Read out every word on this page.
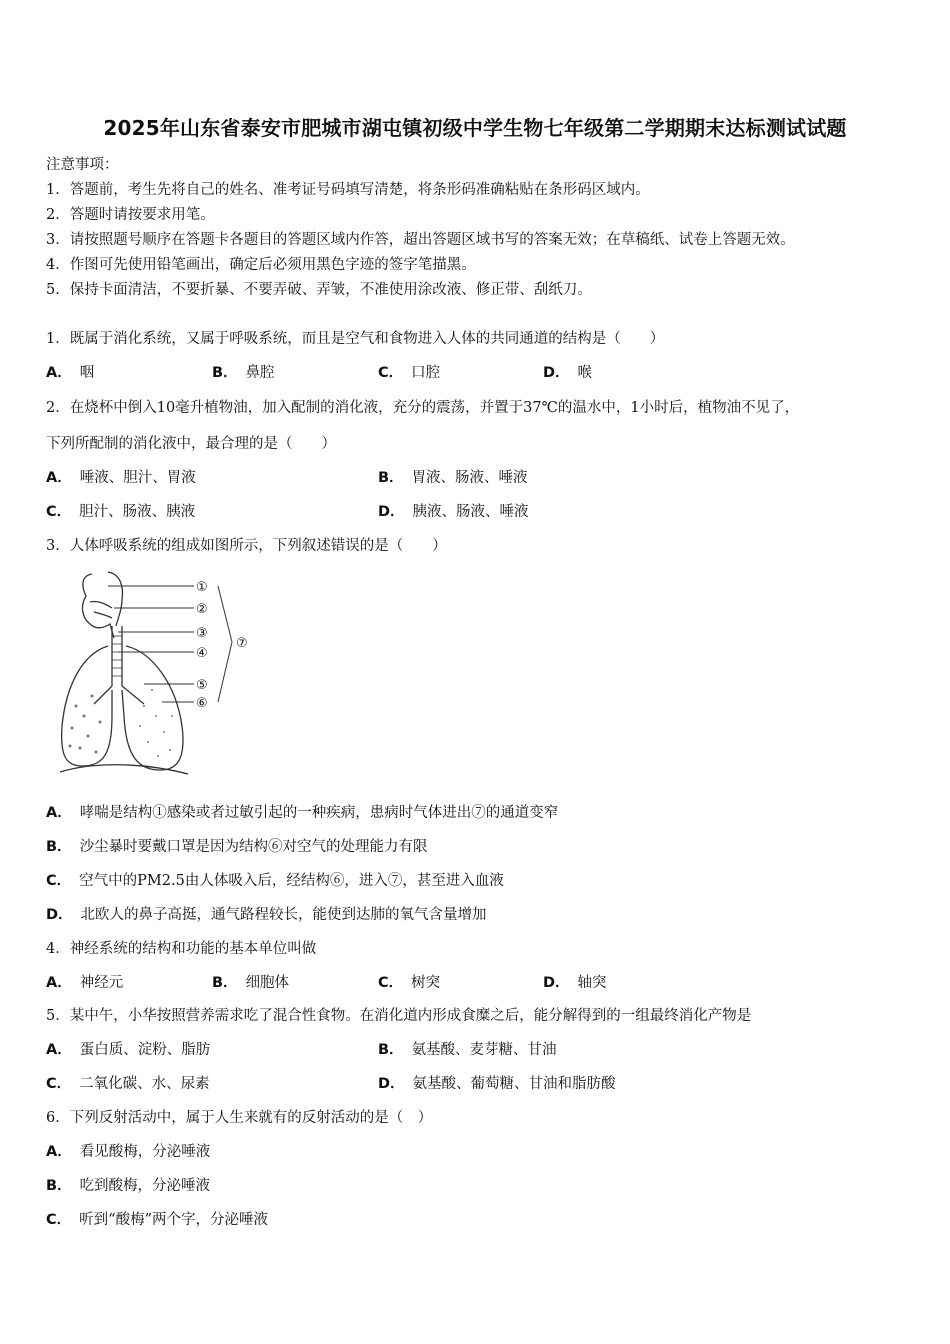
2025年山东省泰安市肥城市湖屯镇初级中学生物七年级第二学期期末达标测试试题
注意事项：
1．答题前，考生先将自己的姓名、准考证号码填写清楚，将条形码准确粘贴在条形码区域内。
2．答题时请按要求用笔。
3．请按照题号顺序在答题卡各题目的答题区域内作答，超出答题区域书写的答案无效；在草稿纸、试卷上答题无效。
4．作图可先使用铅笔画出，确定后必须用黑色字迹的签字笔描黑。
5．保持卡面清洁，不要折暴、不要弄破、弄皱，不准使用涂改液、修正带、刮纸刀。
1．既属于消化系统，又属于呼吸系统，而且是空气和食物进入人体的共同通道的结构是（　　）
A． 咽	B． 鼻腔	C． 口腔	D． 喉
2．在烧杯中倒入10毫升植物油，加入配制的消化液，充分的震荡，并置于37℃的温水中，1小时后，植物油不见了，
下列所配制的消化液中，最合理的是（　　）
A． 唾液、胆汁、胃液	B． 胃液、肠液、唾液
C． 胆汁、肠液、胰液	D． 胰液、肠液、唾液
3．人体呼吸系统的组成如图所示，下列叙述错误的是（　　）
①
②
③
④
⑤
⑥
⑦
A． 哮喘是结构①感染或者过敏引起的一种疾病，患病时气体进出⑦的通道变窄
B． 沙尘暴时要戴口罩是因为结构⑥对空气的处理能力有限
C． 空气中的PM2.5由人体吸入后，经结构⑥，进入⑦，甚至进入血液
D． 北欧人的鼻子高挺，通气路程较长，能使到达肺的氧气含量增加
4．神经系统的结构和功能的基本单位叫做
A． 神经元	B． 细胞体	C． 树突	D． 轴突
5．某中午，小华按照营养需求吃了混合性食物。在消化道内形成食糜之后，能分解得到的一组最终消化产物是
A． 蛋白质、淀粉、脂肪	B． 氨基酸、麦芽糖、甘油
C． 二氧化碳、水、尿素	D． 氨基酸、葡萄糖、甘油和脂肪酸
6．下列反射活动中，属于人生来就有的反射活动的是（　）
A． 看见酸梅，分泌唾液
B． 吃到酸梅，分泌唾液
C． 听到“酸梅”两个字，分泌唾液
